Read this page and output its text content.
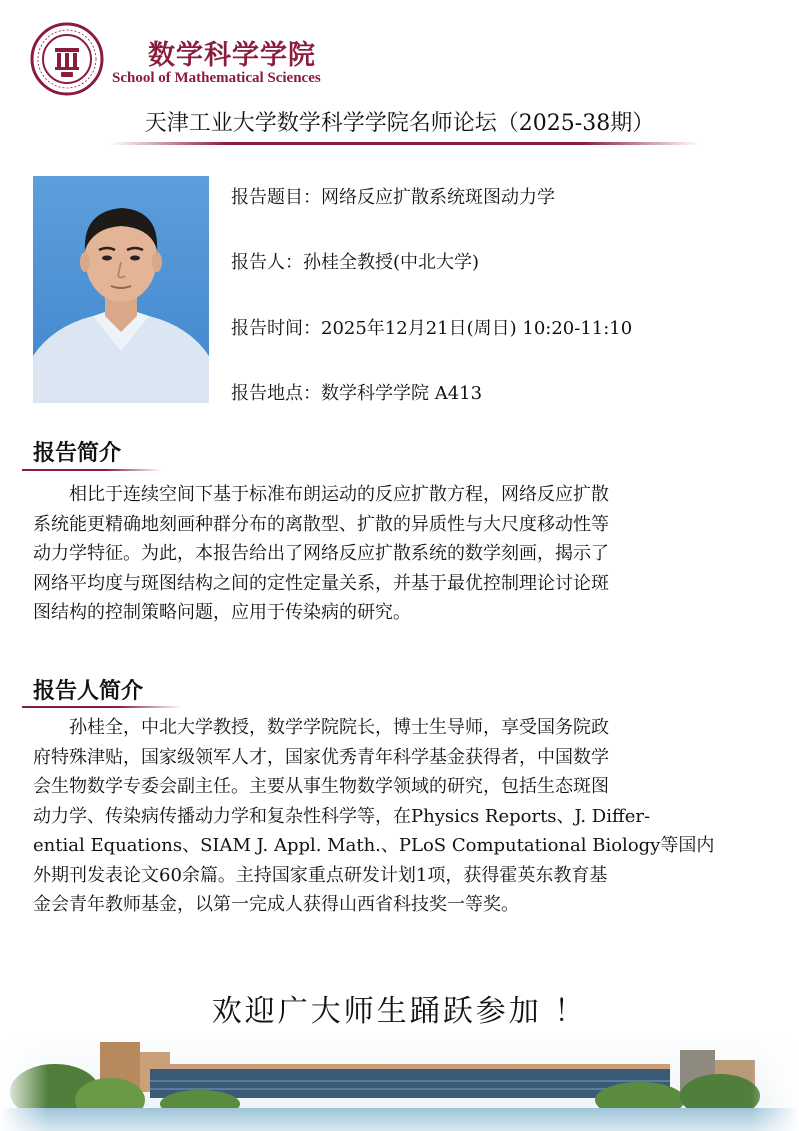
数学科学学院
School of Mathematical Sciences
天津工业大学数学科学学院名师论坛（2025-38期）
报告题目：网络反应扩散系统斑图动力学
报告人：孙桂全教授(中北大学)
报告时间：2025年12月21日(周日) 10:20-11:10
报告地点：数学科学学院 A413
报告简介
相比于连续空间下基于标准布朗运动的反应扩散方程，网络反应扩散
系统能更精确地刻画种群分布的离散型、扩散的异质性与大尺度移动性等
动力学特征。为此，本报告给出了网络反应扩散系统的数学刻画，揭示了
网络平均度与斑图结构之间的定性定量关系，并基于最优控制理论讨论斑
图结构的控制策略问题，应用于传染病的研究。
报告人简介
孙桂全，中北大学教授，数学学院院长，博士生导师，享受国务院政
府特殊津贴，国家级领军人才，国家优秀青年科学基金获得者，中国数学
会生物数学专委会副主任。主要从事生物数学领域的研究，包括生态斑图
动力学、传染病传播动力学和复杂性科学等，在Physics Reports、J. Differ-
ential Equations、SIAM J. Appl. Math.、PLoS Computational Biology等国内
外期刊发表论文60余篇。主持国家重点研发计划1项，获得霍英东教育基
金会青年教师基金，以第一完成人获得山西省科技奖一等奖。
欢迎广大师生踊跃参加 ！
